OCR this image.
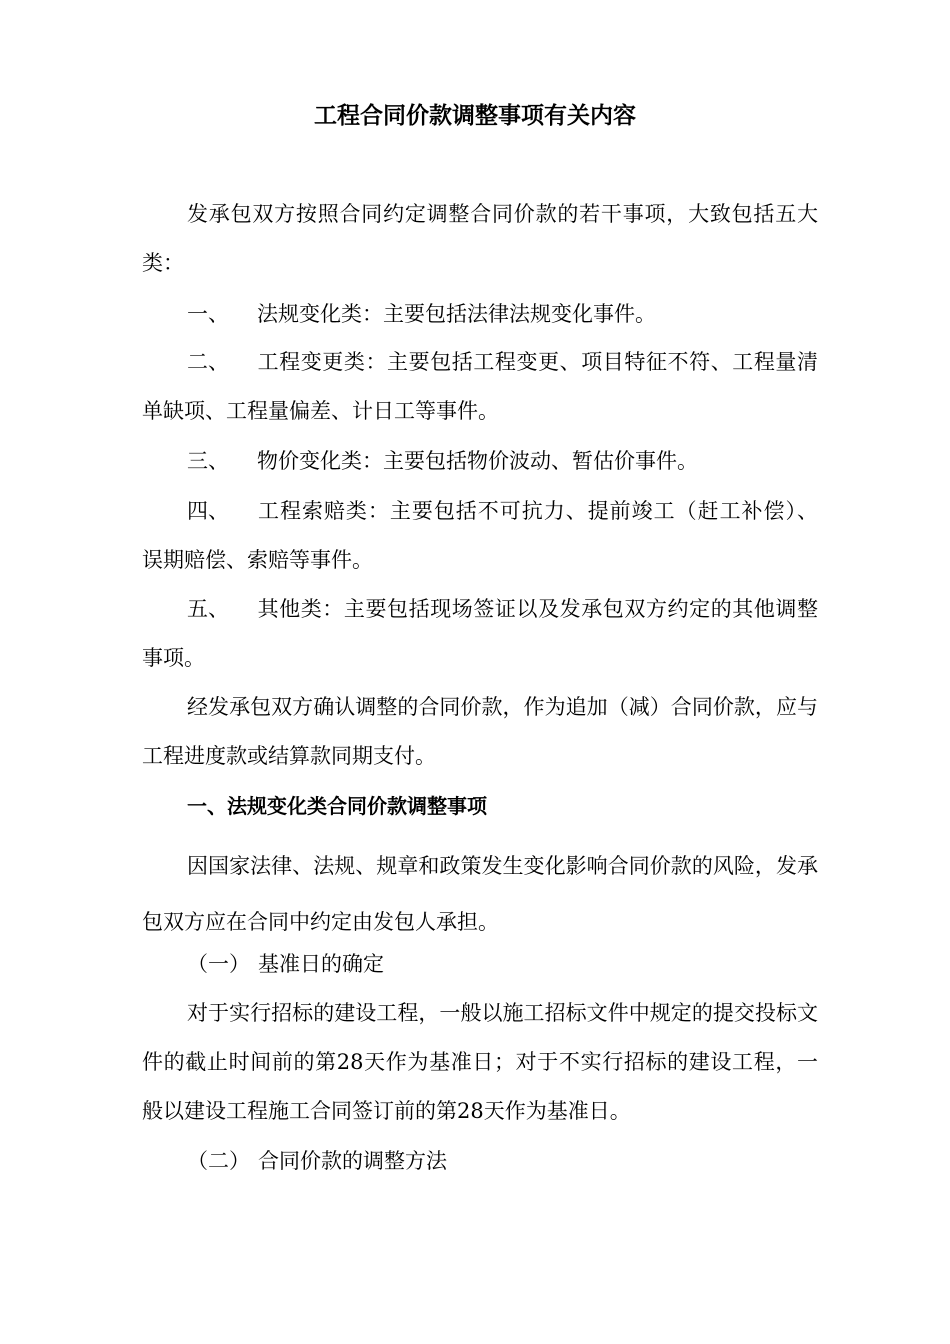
工程合同价款调整事项有关内容

发承包双方按照合同约定调整合同价款的若干事项，大致包括五大类：

一、 法规变化类：主要包括法律法规变化事件。

二、 工程变更类：主要包括工程变更、项目特征不符、工程量清 单缺项、工程量偏差、计日工等事件。

三、 物价变化类：主要包括物价波动、暂估价事件。

四、 工程索赔类：主要包括不可抗力、提前竣工（赶工补偿）、 误期赔偿、索赔等事件。

五、 其他类：主要包括现场签证以及发承包双方约定的其他调整 事项。

经发承包双方确认调整的合同价款，作为追加（减）合同价款，应与工程进度款或结算款同期支付。

一、法规变化类合同价款调整事项

因国家法律、法规、规章和政策发生变化影响合同价款的风险，发承包双方应在合同中约定由发包人承担。

（一） 基准日的确定

对于实行招标的建设工程，一般以施工招标文件中规定的提交投标文件的截止时间前的第28天作为基准日；对于不实行招标的建设工程，一般以建设工程施工合同签订前的第28天作为基准日。

（二） 合同价款的调整方法
